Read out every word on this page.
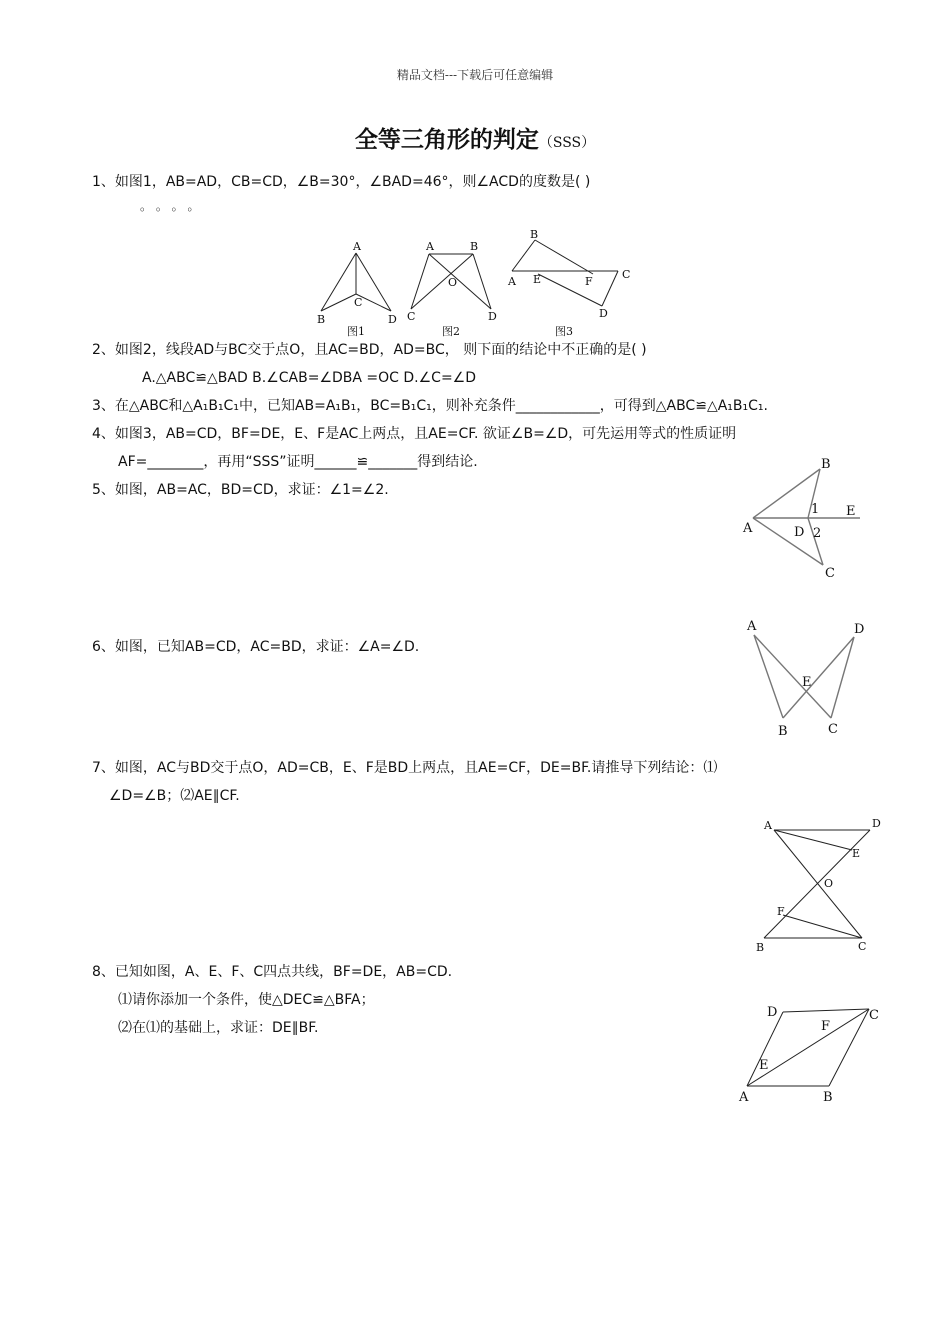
精品文档---下载后可任意编辑
全等三角形的判定（SSS）
1、如图1，AB=AD，CB=CD，∠B=30°，∠BAD=46°，则∠ACD的度数是( )
。 。 。 。
A
B
C
D
图1
A	B
O
C	D
图2
B
A E	F
C
D
图3
2、如图2，线段AD与BC交于点O，且AC=BD，AD=BC， 则下面的结论中不正确的是( )
A.△ABC≌△BAD B.∠CAB=∠DBA =OC D.∠C=∠D
3、在△ABC和△A₁B₁C₁中，已知AB=A₁B₁，BC=B₁C₁，则补充条件____________，可得到△ABC≌△A₁B₁C₁.
4、如图3，AB=CD，BF=DE，E、F是AC上两点，且AE=CF. 欲证∠B=∠D，可先运用等式的性质证明
AF=________，再用“SSS”证明______≌_______得到结论.
5、如图，AB=AC，BD=CD，求证：∠1=∠2.
B
1 E
A	D 2
C
6、如图，已知AB=CD，AC=BD，求证：∠A=∠D.
A	D
E
B	C
7、如图，AC与BD交于点O，AD=CB，E、F是BD上两点，且AE=CF，DE=BF.请推导下列结论：⑴
∠D=∠B；⑵AE∥CF.
A	D
E
O
F
B	C
8、已知如图，A、E、F、C四点共线，BF=DE，AB=CD.
⑴请你添加一个条件，使△DEC≌△BFA；
⑵在⑴的基础上，求证：DE∥BF.
D
F
C
E
A	B
